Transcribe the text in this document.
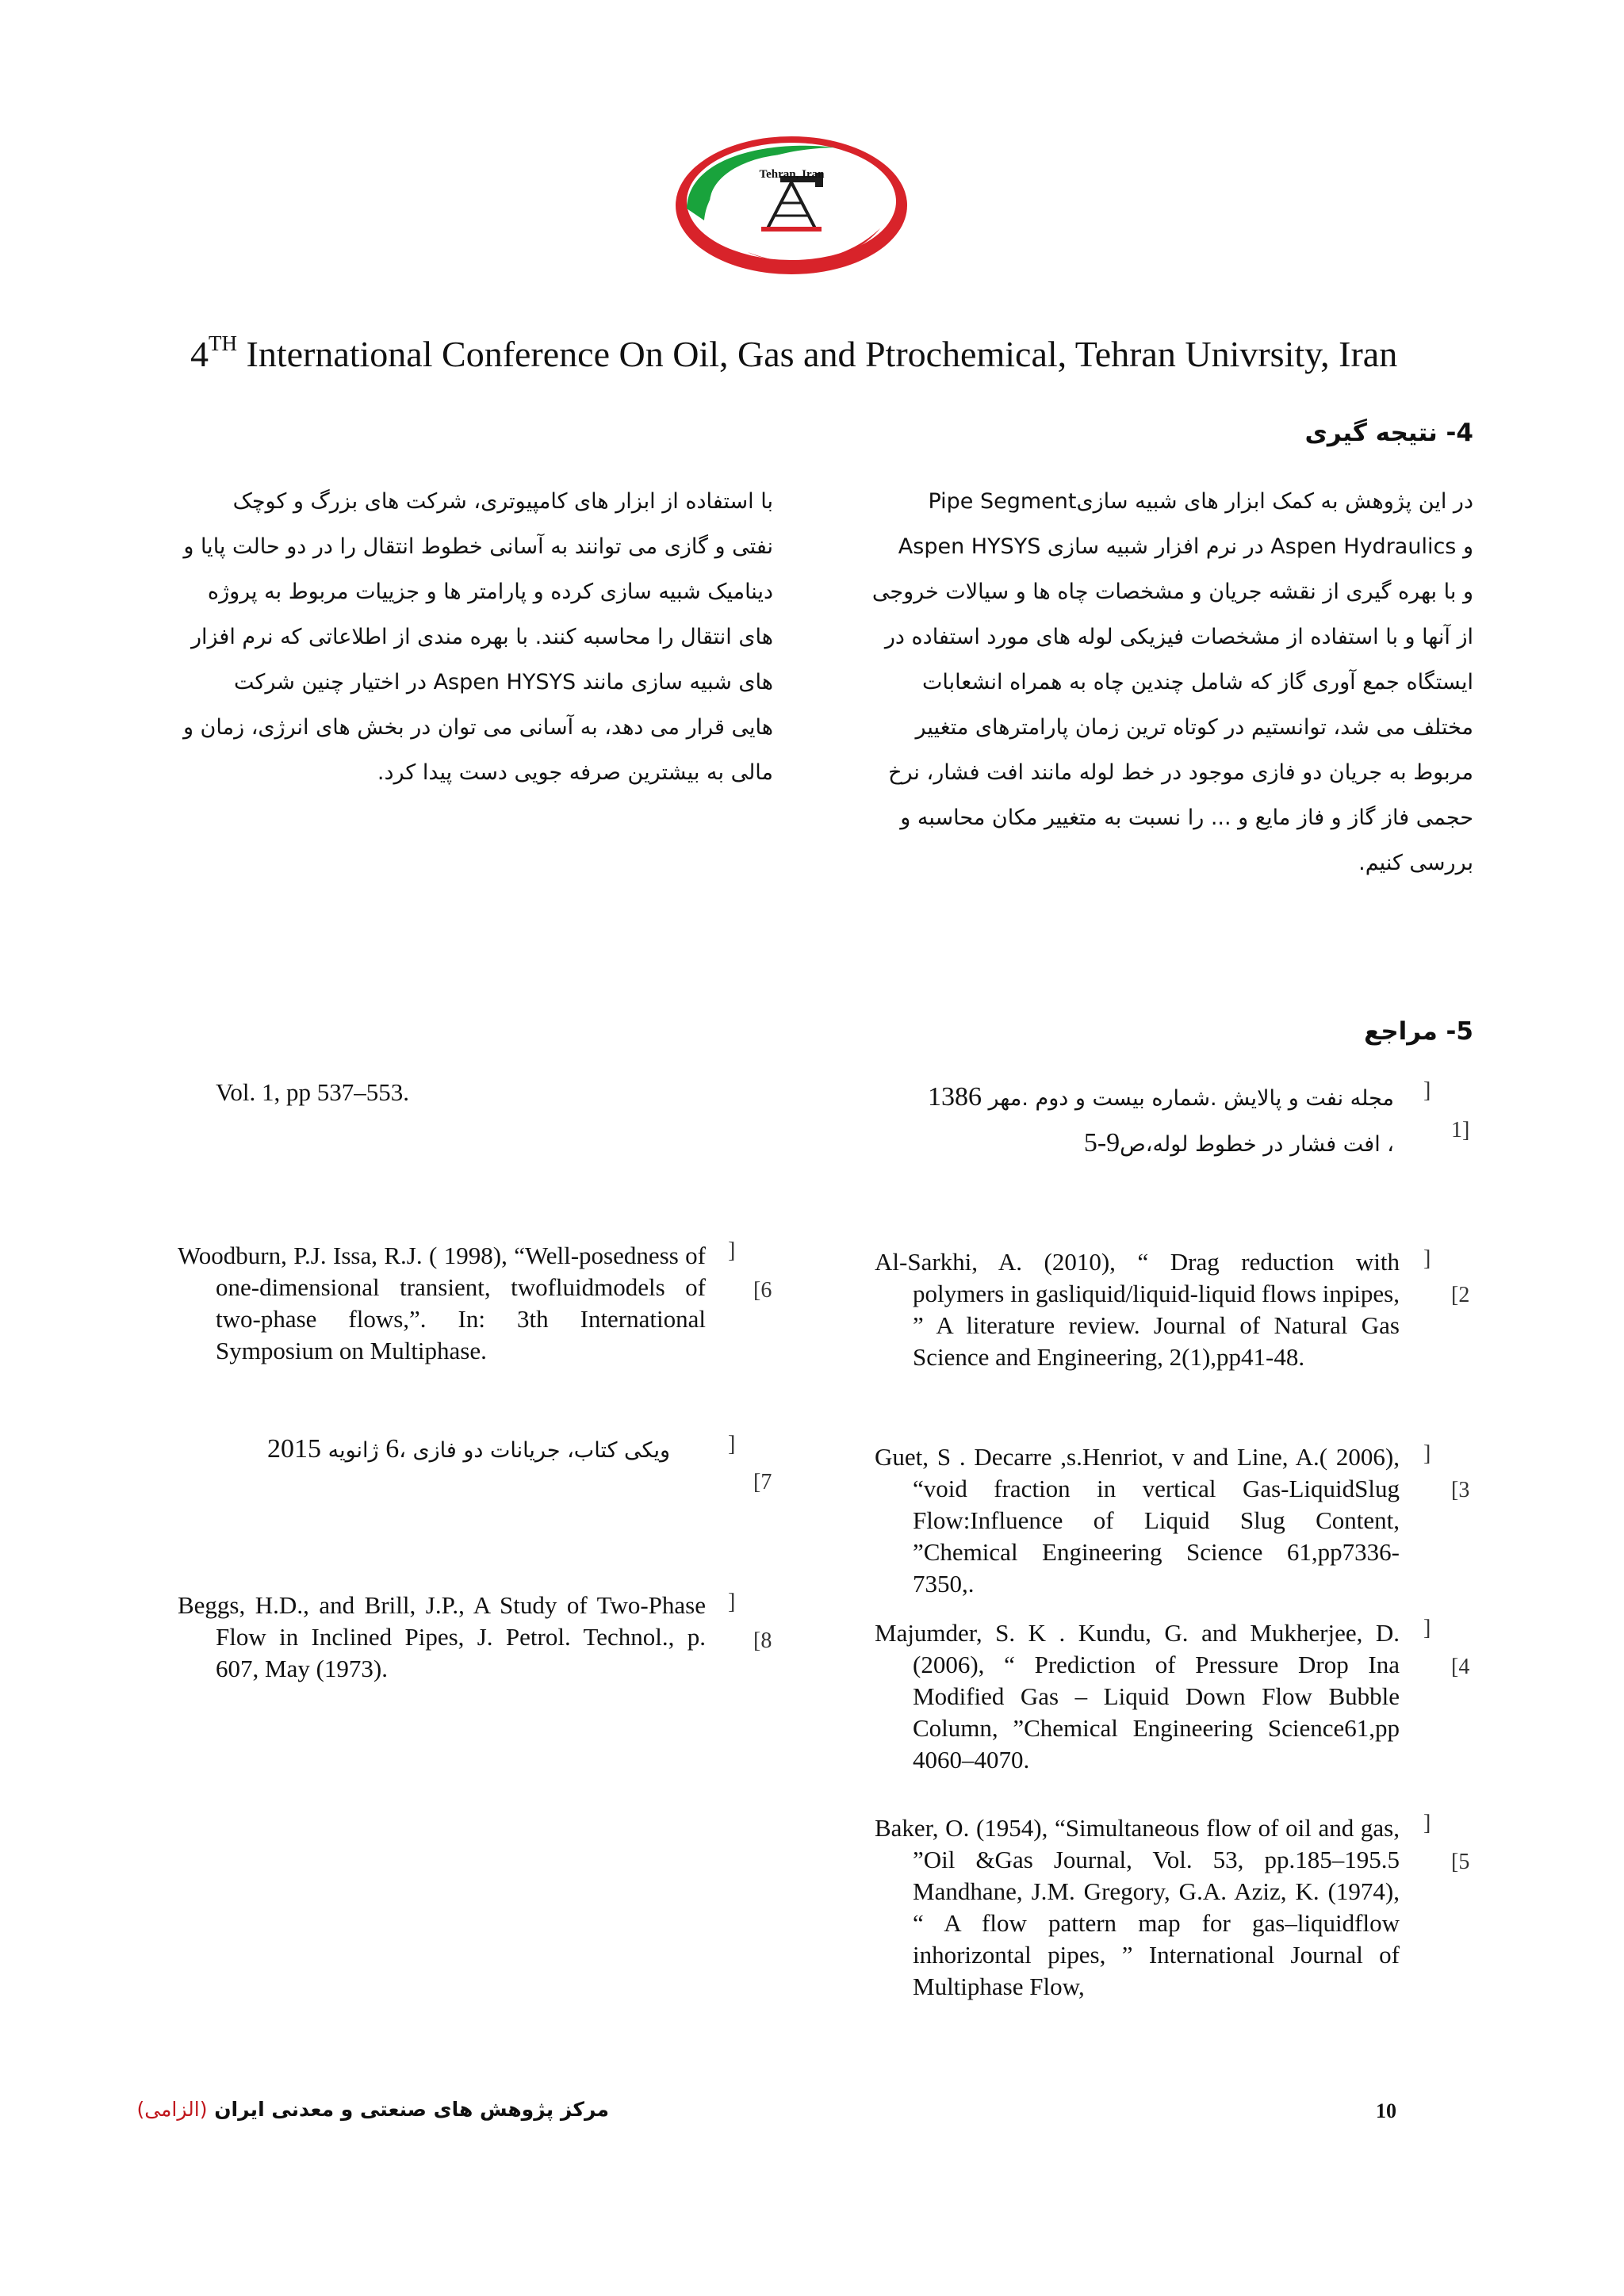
Tehran, Iran
4TH International Conference On Oil, Gas and Ptrochemical, Tehran Univrsity, Iran
4- نتیجه گیری
در این پژوهش به کمک ابزار های شبیه سازیPipe Segment
و Aspen Hydraulics در نرم افزار شبیه سازی Aspen HYSYS
و با بهره گیری از نقشه جریان و مشخصات چاه ها و سیالات خروجی
از آنها و با استفاده از مشخصات فیزیکی لوله های مورد استفاده در
ایستگاه جمع آوری گاز که شامل چندین چاه به همراه انشعابات
مختلف می شد، توانستیم در کوتاه ترین زمان پارامترهای متغییر
مربوط به جریان دو فازی موجود در خط لوله مانند افت فشار، نرخ
حجمی فاز گاز و فاز مایع و ... را نسبت به متغییر مکان محاسبه و
بررسی کنیم.
با استفاده از ابزار های کامپیوتری، شرکت های بزرگ و کوچک
نفتی و گازی می توانند به آسانی خطوط انتقال را در دو حالت پایا و
دینامیک شبیه سازی کرده و پارامتر ها و جزییات مربوط به پروژه
های انتقال را محاسبه کنند. با بهره مندی از اطلاعاتی که نرم افزار
های شبیه سازی مانند Aspen HYSYS در اختیار چنین شرکت
هایی قرار می دهد، به آسانی می توان در بخش های انرژی، زمان و
مالی به بیشترین صرفه جویی دست پیدا کرد.
5- مراجع
]
1]
مجله نفت و پالایش .شماره بیست و دوم .مهر 1386
، افت فشار در خطوط لوله،ص5-9
Vol. 1, pp 537–553.
]
[2
Al-Sarkhi, A. (2010), “ Drag reduction with polymers in gasliquid/liquid-liquid flows inpipes, ” A literature review. Journal of Natural Gas Science and Engineering, 2(1),pp41-48.
]
[3
Guet, S . Decarre ,s.Henriot, v and Line, A.( 2006), “void fraction in vertical Gas-LiquidSlug Flow:Influence of Liquid Slug Content, ”Chemical Engineering Science 61,pp7336-7350,.
]
[4
Majumder, S. K . Kundu, G. and Mukherjee, D.(2006), “ Prediction of Pressure Drop Ina Modified Gas – Liquid Down Flow Bubble Column, ”Chemical Engineering Science61,pp 4060–4070.
]
[5
Baker, O. (1954), “Simultaneous flow of oil and gas, ”Oil &Gas Journal, Vol. 53, pp.185–195.5 Mandhane, J.M. Gregory, G.A. Aziz, K. (1974), “ A flow pattern map for gas–liquidflow inhorizontal pipes, ” International Journal of Multiphase Flow,
]
[6
Woodburn, P.J. Issa, R.J. ( 1998), “Well-posedness of one-dimensional transient, twofluidmodels of two-phase flows,”. In: 3th International Symposium on Multiphase.
]
[7
ویکی کتاب، جریانات دو فازی ،6 ژانویه 2015
]
[8
Beggs, H.D., and Brill, J.P., A Study of Two-Phase Flow in Inclined Pipes, J. Petrol. Technol., p. 607, May (1973).
مرکز پژوهش های صنعتی و معدنی ایران (الزامی)	10
